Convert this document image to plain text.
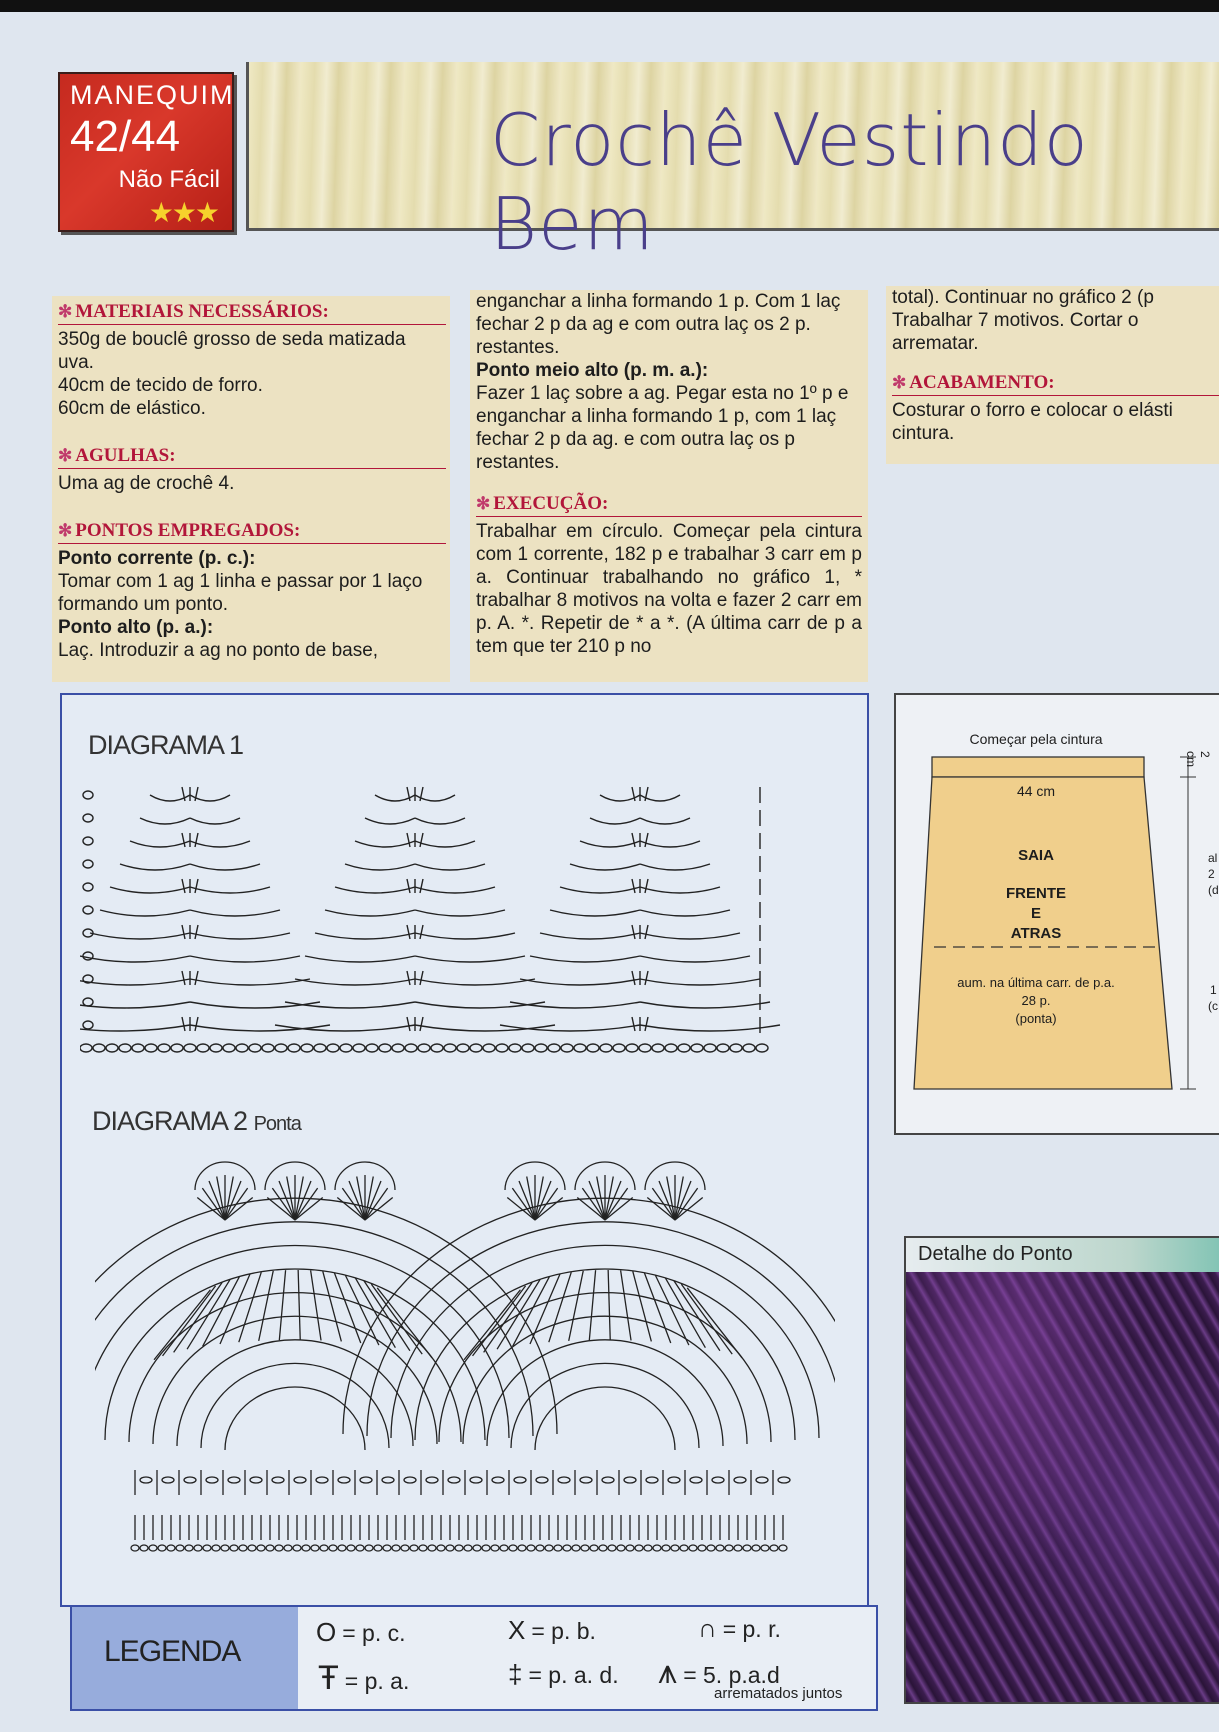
MANEQUIM
42/44
Não Fácil
★★★
Crochê Vestindo Bem
✻ MATERIAIS NECESSÁRIOS:

350g de bouclê grosso de seda matizada uva.

40cm de tecido de forro.

60cm de elástico.

✻ AGULHAS:

Uma ag de crochê 4.

✻ PONTOS EMPREGADOS:

Ponto corrente (p. c.):

Tomar com 1 ag 1 linha e passar por 1 laço formando um ponto.

Ponto alto (p. a.):

Laç. Introduzir a ag no ponto de base,

enganchar a linha formando 1 p. Com 1 laç fechar 2 p da ag e com outra laç os 2 p. restantes.

Ponto meio alto (p. m. a.):

Fazer 1 laç sobre a ag. Pegar esta no 1º p e enganchar a linha formando 1 p, com 1 laç fechar 2 p da ag. e com outra laç os p restantes.

✻ EXECUÇÃO:

Trabalhar em círculo. Começar pela cintura com 1 corrente, 182 p e trabalhar 3 carr em p a. Continuar trabalhando no gráfico 1, * trabalhar 8 motivos na volta e fazer 2 carr em p. A. *. Repetir de * a *. (A última carr de p a tem que ter 210 p no

total). Continuar no gráfico 2 (p

Trabalhar 7 motivos. Cortar o arrematar.

✻ ACABAMENTO:

Costurar o forro e colocar o elásti cintura.

DIAGRAMA 1
DIAGRAMA 2 Ponta
LEGENDA
O = p. c.	X = p. b.	∩ = p. r.
Ŧ = p. a.	‡ = p. a. d. ⩚ = 5. p.a.d
arrematados juntos
Começar pela cintura
44 cm
SAIA
FRENTE
E
ATRAS
aum. na última carr. de p.a.
28 p.
(ponta)
2 cm
al
2
(d
1
(c
Detalhe do Ponto
